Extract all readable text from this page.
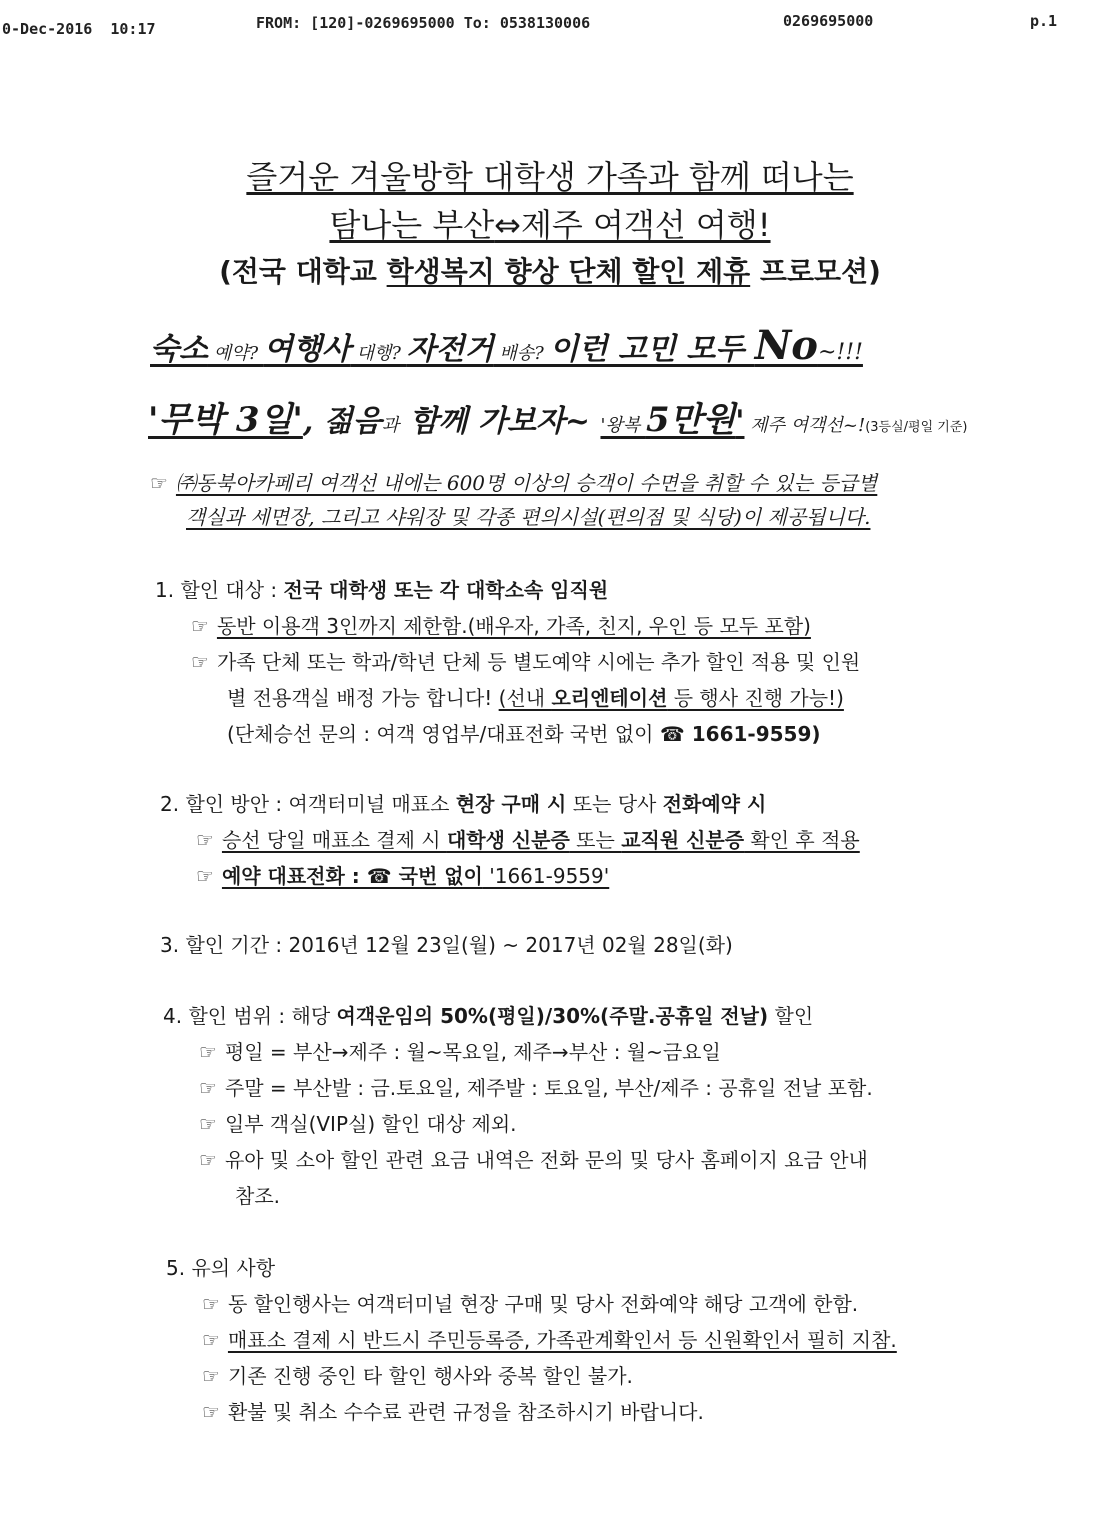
0-Dec-2016 10:17	FROM: [120]-0269695000 To: 0538130006	0269695000	p.1
즐거운 겨울방학 대학생 가족과 함께 떠나는
탐나는 부산⇔제주 여객선 여행!
(전국 대학교 학생복지 향상 단체 할인 제휴 프로모션)
숙소 예약? 여행사 대행? 자전거 배송? 이런 고민 모두 No~!!!
'무박 3일', 젊음과 함께 가보자~ '왕복 5만원' 제주 여객선~!(3등실/평일 기준)
☞ ㈜동북아카페리 여객선 내에는 600명 이상의 승객이 수면을 취할 수 있는 등급별
객실과 세면장, 그리고 샤워장 및 각종 편의시설(편의점 및 식당)이 제공됩니다.
1. 할인 대상 : 전국 대학생 또는 각 대학소속 임직원
☞ 동반 이용객 3인까지 제한함.(배우자, 가족, 친지, 우인 등 모두 포함)
☞ 가족 단체 또는 학과/학년 단체 등 별도예약 시에는 추가 할인 적용 및 인원
별 전용객실 배정 가능 합니다! (선내 오리엔테이션 등 행사 진행 가능!)
(단체승선 문의 : 여객 영업부/대표전화 국번 없이 ☎ 1661-9559)
2. 할인 방안 : 여객터미널 매표소 현장 구매 시 또는 당사 전화예약 시
☞ 승선 당일 매표소 결제 시 대학생 신분증 또는 교직원 신분증 확인 후 적용
☞ 예약 대표전화 : ☎ 국번 없이 '1661-9559'
3. 할인 기간 : 2016년 12월 23일(월) ~ 2017년 02월 28일(화)
4. 할인 범위 : 해당 여객운임의 50%(평일)/30%(주말.공휴일 전날) 할인
☞ 평일 = 부산→제주 : 월~목요일, 제주→부산 : 월~금요일
☞ 주말 = 부산발 : 금.토요일, 제주발 : 토요일, 부산/제주 : 공휴일 전날 포함.
☞ 일부 객실(VIP실) 할인 대상 제외.
☞ 유아 및 소아 할인 관련 요금 내역은 전화 문의 및 당사 홈페이지 요금 안내
참조.
5. 유의 사항
☞ 동 할인행사는 여객터미널 현장 구매 및 당사 전화예약 해당 고객에 한함.
☞ 매표소 결제 시 반드시 주민등록증, 가족관계확인서 등 신원확인서 필히 지참.
☞ 기존 진행 중인 타 할인 행사와 중복 할인 불가.
☞ 환불 및 취소 수수료 관련 규정을 참조하시기 바랍니다.
